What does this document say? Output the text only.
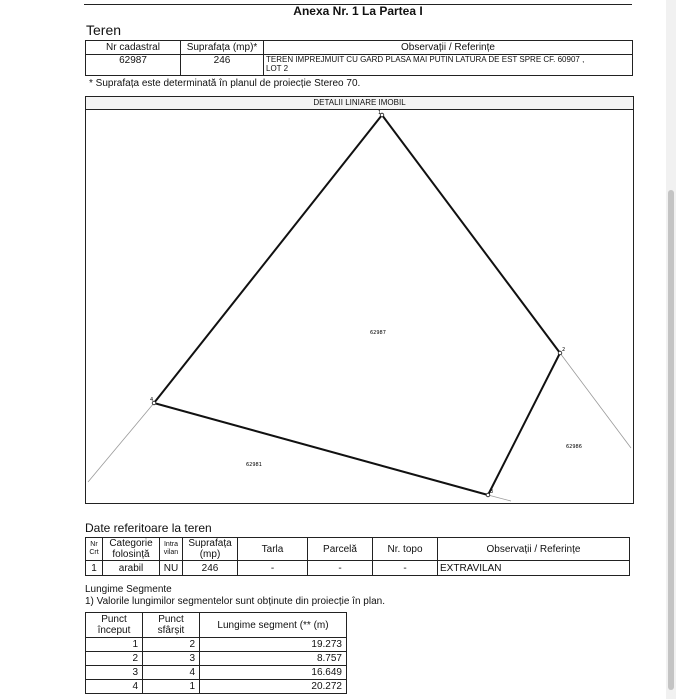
Anexa Nr. 1 La Partea I
Teren
Nr cadastral	Suprafața (mp)*	Observații / Referințe
62987	246	TEREN IMPREJMUIT CU GARD PLASA MAI PUTIN LATURA DE EST SPRE CF. 60907 ,
LOT 2
* Suprafața este determinată în planul de proiecție Stereo 70.
DETALII LINIARE IMOBIL
1
2
3
4
62987
62981
62986
Date referitoare la teren
Nr Crt	Categorie folosință	Intra vilan	Suprafața (mp)	Tarla	Parcelă	Nr. topo	Observații / Referințe
1	arabil	NU	246	-	-	-	EXTRAVILAN
Lungime Segmente
1) Valorile lungimilor segmentelor sunt obținute din proiecție în plan.
Punct început	Punct sfârșit	Lungime segment (** (m)
1	2	19.273
2	3	8.757
3	4	16.649
4	1	20.272
